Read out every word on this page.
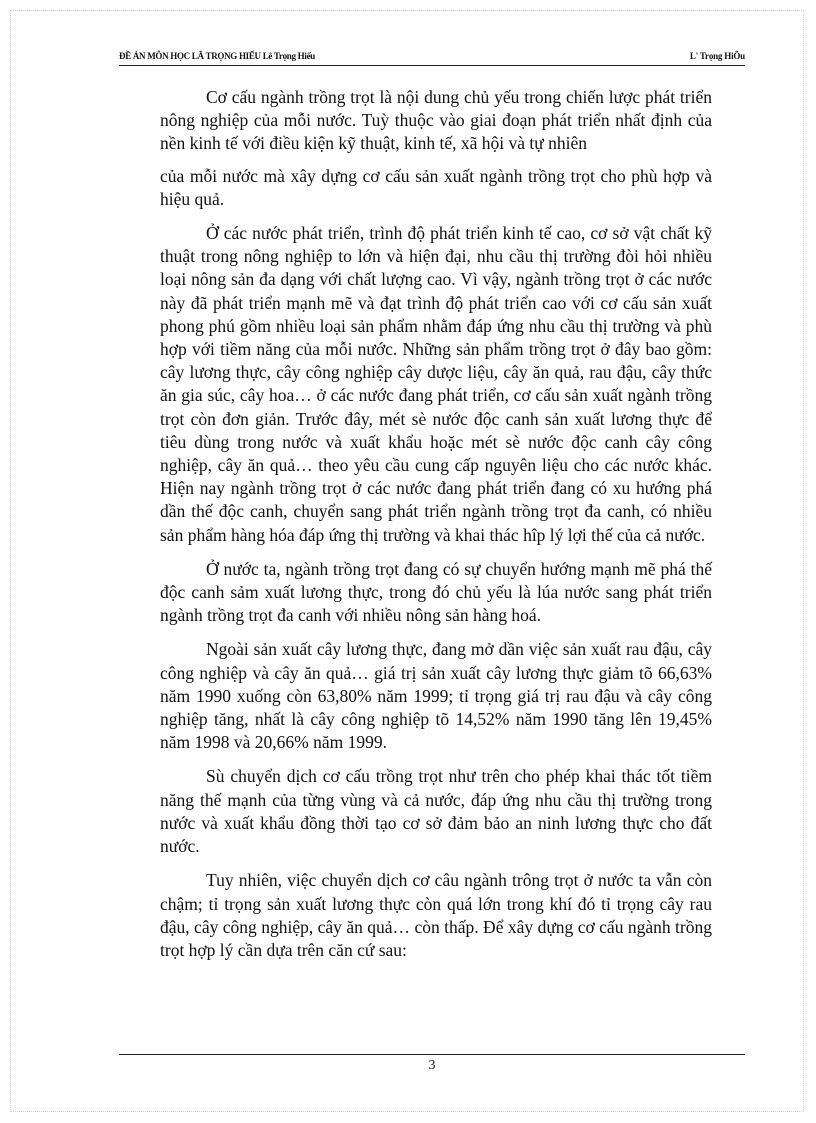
ĐỀ ÁN MÔN HỌC LÃ TRỌNG HIẾU Lê Trọng Hiếu	L' Trọng HiÕu

Cơ cấu ngành trồng trọt là nội dung chủ yếu trong chiến lược phát triển nông nghiệp của mỗi nước. Tuỳ thuộc vào giai đoạn phát triển nhất định của nền kinh tế với điều kiện kỹ thuật, kinh tế, xã hội và tự nhiên

của mỗi nước mà xây dựng cơ cấu sản xuất ngành trồng trọt cho phù hợp và hiệu quả.

Ở các nước phát triển, trình độ phát triển kinh tế cao, cơ sở vật chất kỹ thuật trong nông nghiệp to lớn và hiện đại, nhu cầu thị trường đòi hỏi nhiều loại nông sản đa dạng với chất lượng cao. Vì vậy, ngành trồng trọt ở các nước này đã phát triển mạnh mẽ và đạt trình độ phát triển cao với cơ cấu sản xuất phong phú gồm nhiều loại sản phẩm nhằm đáp ứng nhu cầu thị trường và phù hợp với tiềm năng của mỗi nước. Những sản phẩm trồng trọt ở đây bao gồm: cây lương thực, cây công nghiệp cây dược liệu, cây ăn quả, rau đậu, cây thức ăn gia súc, cây hoa… ở các nước đang phát triển, cơ cấu sản xuất ngành trồng trọt còn đơn giản. Trước đây, mét sè nước độc canh sản xuất lương thực để tiêu dùng trong nước và xuất khẩu hoặc mét sè nước độc canh cây công nghiệp, cây ăn quả… theo yêu cầu cung cấp nguyên liệu cho các nước khác. Hiện nay ngành trồng trọt ở các nước đang phát triển đang có xu hướng phá dần thế độc canh, chuyển sang phát triển ngành trồng trọt đa canh, có nhiều sản phẩm hàng hóa đáp ứng thị trường và khai thác hîp lý lợi thế của cả nước.

Ở nước ta, ngành trồng trọt đang có sự chuyển hướng mạnh mẽ phá thế độc canh sảm xuất lương thực, trong đó chủ yếu là lúa nước sang phát triển ngành trồng trọt đa canh với nhiều nông sản hàng hoá.

Ngoài sản xuất cây lương thực, đang mở dần việc sản xuất rau đậu, cây công nghiệp và cây ăn quả… giá trị sản xuất cây lương thực giảm tõ 66,63% năm 1990 xuống còn 63,80% năm 1999; tỉ trọng giá trị rau đậu và cây công nghiệp tăng, nhất là cây công nghiệp tõ 14,52% năm 1990 tăng lên 19,45% năm 1998 và 20,66% năm 1999.

Sù chuyển dịch cơ cấu trồng trọt như trên cho phép khai thác tốt tiềm năng thế mạnh của từng vùng và cả nước, đáp ứng nhu cầu thị trường trong nước và xuất khẩu đồng thời tạo cơ sở đảm bảo an ninh lương thực cho đất nước.

Tuy nhiên, việc chuyển dịch cơ câu ngành trông trọt ở nước ta vẫn còn chậm; tỉ trọng sản xuất lương thực còn quá lớn trong khí đó tỉ trọng cây rau đậu, cây công nghiệp, cây ăn quả… còn thấp. Để xây dựng cơ cấu ngành trồng trọt hợp lý cần dựa trên căn cứ sau:

3
